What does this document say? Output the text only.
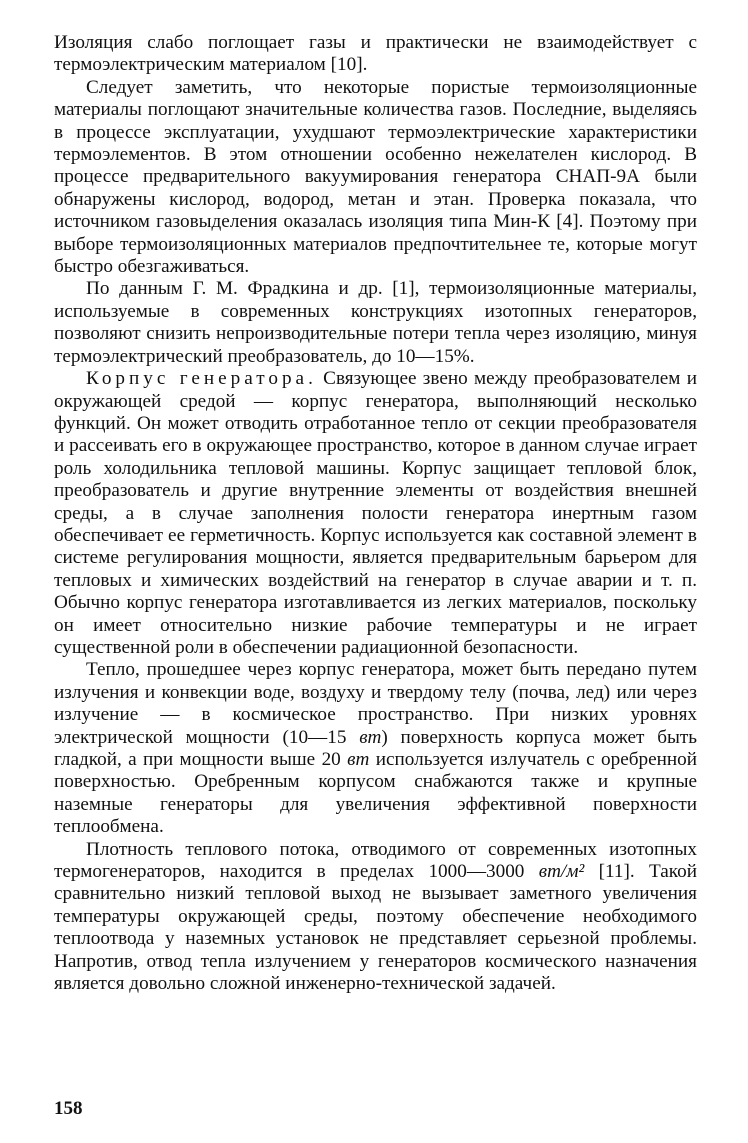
Изоляция слабо поглощает газы и практически не взаимодействует с термоэлектрическим материалом [10].

Следует заметить, что некоторые пористые термоизоляционные материалы поглощают значительные количества газов. Последние, выделяясь в процессе эксплуатации, ухудшают термоэлектрические характеристики термоэлементов. В этом отношении особенно нежелателен кислород. В процессе предварительного вакуумирования генератора СНАП-9А были обнаружены кислород, водород, метан и этан. Проверка показала, что источником газовыделения оказалась изоляция типа Мин-К [4]. Поэтому при выборе термоизоляционных материалов предпочтительнее те, которые могут быстро обезгаживаться.

По данным Г. М. Фрадкина и др. [1], термоизоляционные материалы, используемые в современных конструкциях изотопных генераторов, позволяют снизить непроизводительные потери тепла через изоляцию, минуя термоэлектрический преобразователь, до 10—15%.

Корпус генератора. Связующее звено между преобразователем и окружающей средой — корпус генератора, выполняющий несколько функций. Он может отводить отработанное тепло от секции преобразователя и рассеивать его в окружающее пространство, которое в данном случае играет роль холодильника тепловой машины. Корпус защищает тепловой блок, преобразователь и другие внутренние элементы от воздействия внешней среды, а в случае заполнения полости генератора инертным газом обеспечивает ее герметичность. Корпус используется как составной элемент в системе регулирования мощности, является предварительным барьером для тепловых и химических воздействий на генератор в случае аварии и т. п. Обычно корпус генератора изготавливается из легких материалов, поскольку он имеет относительно низкие рабочие температуры и не играет существенной роли в обеспечении радиационной безопасности.

Тепло, прошедшее через корпус генератора, может быть передано путем излучения и конвекции воде, воздуху и твердому телу (почва, лед) или через излучение — в космическое пространство. При низких уровнях электрической мощности (10—15 вт) поверхность корпуса может быть гладкой, а при мощности выше 20 вт используется излучатель с оребренной поверхностью. Оребренным корпусом снабжаются также и крупные наземные генераторы для увеличения эффективной поверхности теплообмена.

Плотность теплового потока, отводимого от современных изотопных термогенераторов, находится в пределах 1000—3000 вт/м² [11]. Такой сравнительно низкий тепловой выход не вызывает заметного увеличения температуры окружающей среды, поэтому обеспечение необходимого теплоотвода у наземных установок не представляет серьезной проблемы. Напротив, отвод тепла излучением у генераторов космического назначения является довольно сложной инженерно-технической задачей.

158
